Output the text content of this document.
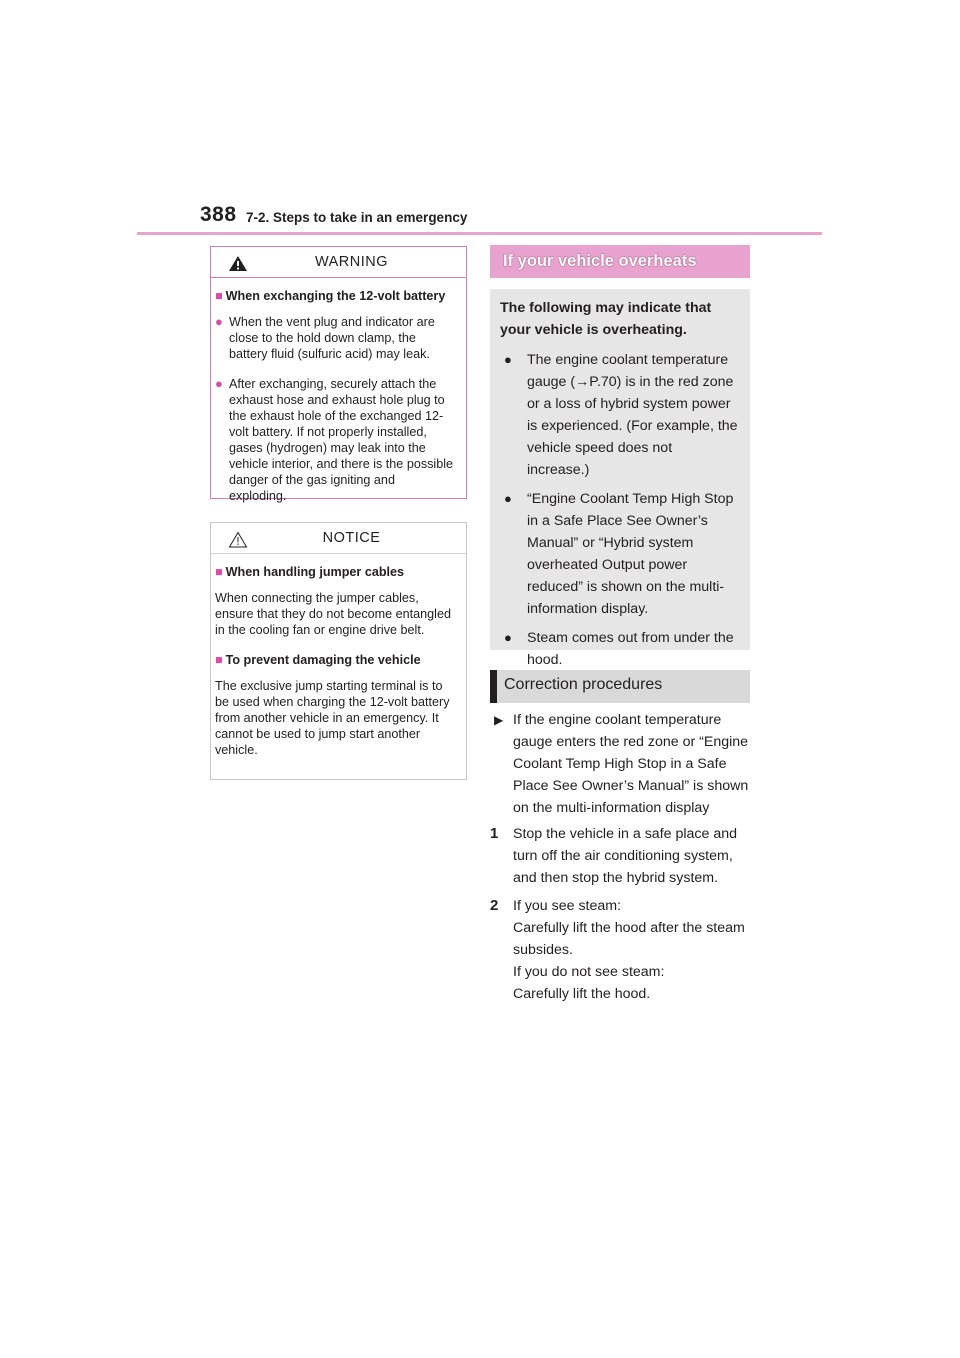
388 7-2. Steps to take in an emergency
WARNING
■ When exchanging the 12-volt battery
● When the vent plug and indicator are close to the hold down clamp, the battery fluid (sulfuric acid) may leak.
● After exchanging, securely attach the exhaust hose and exhaust hole plug to the exhaust hole of the exchanged 12-volt battery. If not properly installed, gases (hydrogen) may leak into the vehicle interior, and there is the possible danger of the gas igniting and exploding.
NOTICE
■ When handling jumper cables
When connecting the jumper cables, ensure that they do not become entangled in the cooling fan or engine drive belt.
■ To prevent damaging the vehicle
The exclusive jump starting terminal is to be used when charging the 12-volt battery from another vehicle in an emergency. It cannot be used to jump start another vehicle.
If your vehicle overheats
The following may indicate that your vehicle is overheating.
●	The engine coolant temperature gauge (→P.70) is in the red zone or a loss of hybrid system power is experienced. (For example, the vehicle speed does not increase.)
●	“Engine Coolant Temp High Stop in a Safe Place See Owner’s Manual” or “Hybrid system overheated Output power reduced” is shown on the multi-information display.
●	Steam comes out from under the hood.
Correction procedures
▶ If the engine coolant temperature gauge enters the red zone or “Engine Coolant Temp High Stop in a Safe Place See Owner’s Manual” is shown on the multi-information display
1	Stop the vehicle in a safe place and turn off the air conditioning system, and then stop the hybrid system.
2	If you see steam:
Carefully lift the hood after the steam subsides.
If you do not see steam:
Carefully lift the hood.
